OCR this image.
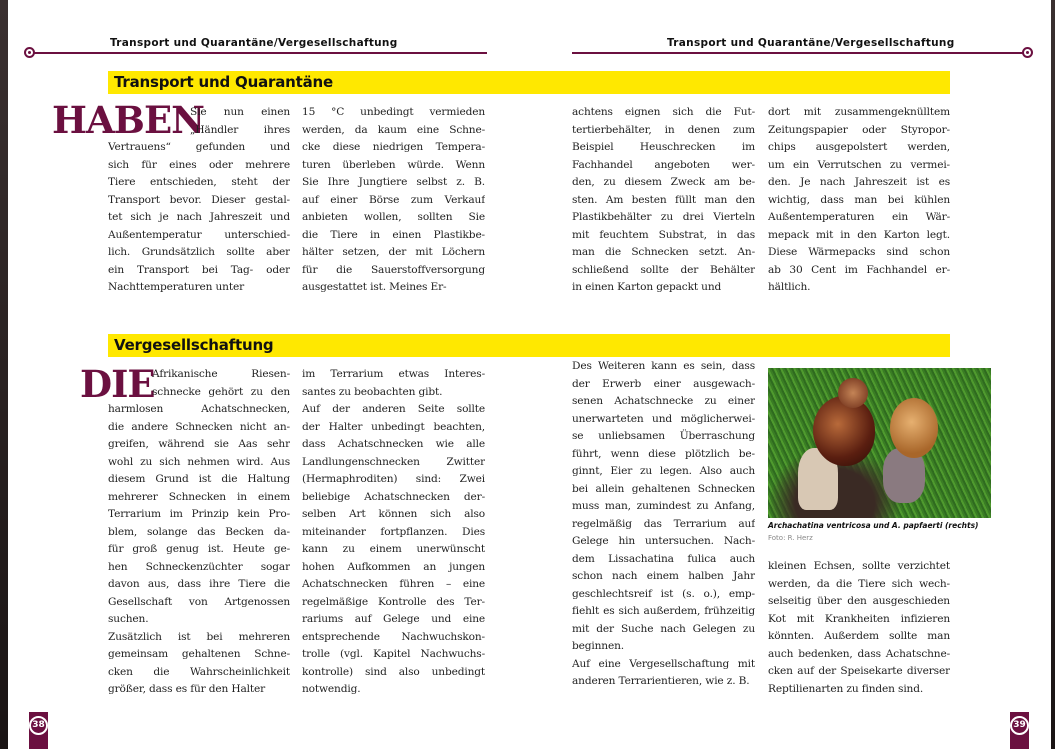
Transport und Quarantäne/Vergesellschaftung	Transport und Quarantäne/Vergesellschaftung
Transport und Quarantäne
HABEN
Sie nun einen
„Händler ihres
Vertrauens“ gefunden und
sich für eines oder mehrere
Tiere entschieden, steht der
Transport bevor. Dieser gestal-
tet sich je nach Jahreszeit und
Außentemperatur unterschied-
lich. Grundsätzlich sollte aber
ein Transport bei Tag- oder
Nachttemperaturen unter
15 °C unbedingt vermieden
werden, da kaum eine Schne-
cke diese niedrigen Tempera-
turen überleben würde. Wenn
Sie Ihre Jungtiere selbst z. B.
auf einer Börse zum Verkauf
anbieten wollen, sollten Sie
die Tiere in einen Plastikbe-
hälter setzen, der mit Löchern
für die Sauerstoffversorgung
ausgestattet ist. Meines Er-
achtens eignen sich die Fut-
tertierbehälter, in denen zum
Beispiel Heuschrecken im
Fachhandel angeboten wer-
den, zu diesem Zweck am be-
sten. Am besten füllt man den
Plastikbehälter zu drei Vierteln
mit feuchtem Substrat, in das
man die Schnecken setzt. An-
schließend sollte der Behälter
in einen Karton gepackt und
dort mit zusammengeknülltem
Zeitungspapier oder Styropor-
chips ausgepolstert werden,
um ein Verrutschen zu vermei-
den. Je nach Jahreszeit ist es
wichtig, dass man bei kühlen
Außentemperaturen ein Wär-
mepack mit in den Karton legt.
Diese Wärmepacks sind schon
ab 30 Cent im Fachhandel er-
hältlich.
Vergesellschaftung
DIE
Afrikanische Riesen-
schnecke gehört zu den
harmlosen Achatschnecken,
die andere Schnecken nicht an-
greifen, während sie Aas sehr
wohl zu sich nehmen wird. Aus
diesem Grund ist die Haltung
mehrerer Schnecken in einem
Terrarium im Prinzip kein Pro-
blem, solange das Becken da-
für groß genug ist. Heute ge-
hen Schneckenzüchter sogar
davon aus, dass ihre Tiere die
Gesellschaft von Artgenossen
suchen.
Zusätzlich ist bei mehreren
gemeinsam gehaltenen Schne-
cken die Wahrscheinlichkeit
größer, dass es für den Halter
im Terrarium etwas Interes-
santes zu beobachten gibt.
Auf der anderen Seite sollte
der Halter unbedingt beachten,
dass Achatschnecken wie alle
Landlungenschnecken Zwitter
(Hermaphroditen) sind: Zwei
beliebige Achatschnecken der-
selben Art können sich also
miteinander fortpflanzen. Dies
kann zu einem unerwünscht
hohen Aufkommen an jungen
Achatschnecken führen – eine
regelmäßige Kontrolle des Ter-
rariums auf Gelege und eine
entsprechende Nachwuchskon-
trolle (vgl. Kapitel Nachwuchs-
kontrolle) sind also unbedingt
notwendig.
Des Weiteren kann es sein, dass
der Erwerb einer ausgewach-
senen Achatschnecke zu einer
unerwarteten und möglicherwei-
se unliebsamen Überraschung
führt, wenn diese plötzlich be-
ginnt, Eier zu legen. Also auch
bei allein gehaltenen Schnecken
muss man, zumindest zu Anfang,
regelmäßig das Terrarium auf
Gelege hin untersuchen. Nach-
dem Lissachatina fulica auch
schon nach einem halben Jahr
geschlechtsreif ist (s. o.), emp-
fiehlt es sich außerdem, frühzeitig
mit der Suche nach Gelegen zu
beginnen.
Auf eine Vergesellschaftung mit
anderen Terrarientieren, wie z. B.
kleinen Echsen, sollte verzichtet
werden, da die Tiere sich wech-
selseitig über den ausgeschieden
Kot mit Krankheiten infizieren
könnten. Außerdem sollte man
auch bedenken, dass Achatschne-
cken auf der Speisekarte diverser
Reptilienarten zu finden sind.
Archachatina ventricosa und A. papfaerti (rechts)
Foto: R. Herz
38	39
